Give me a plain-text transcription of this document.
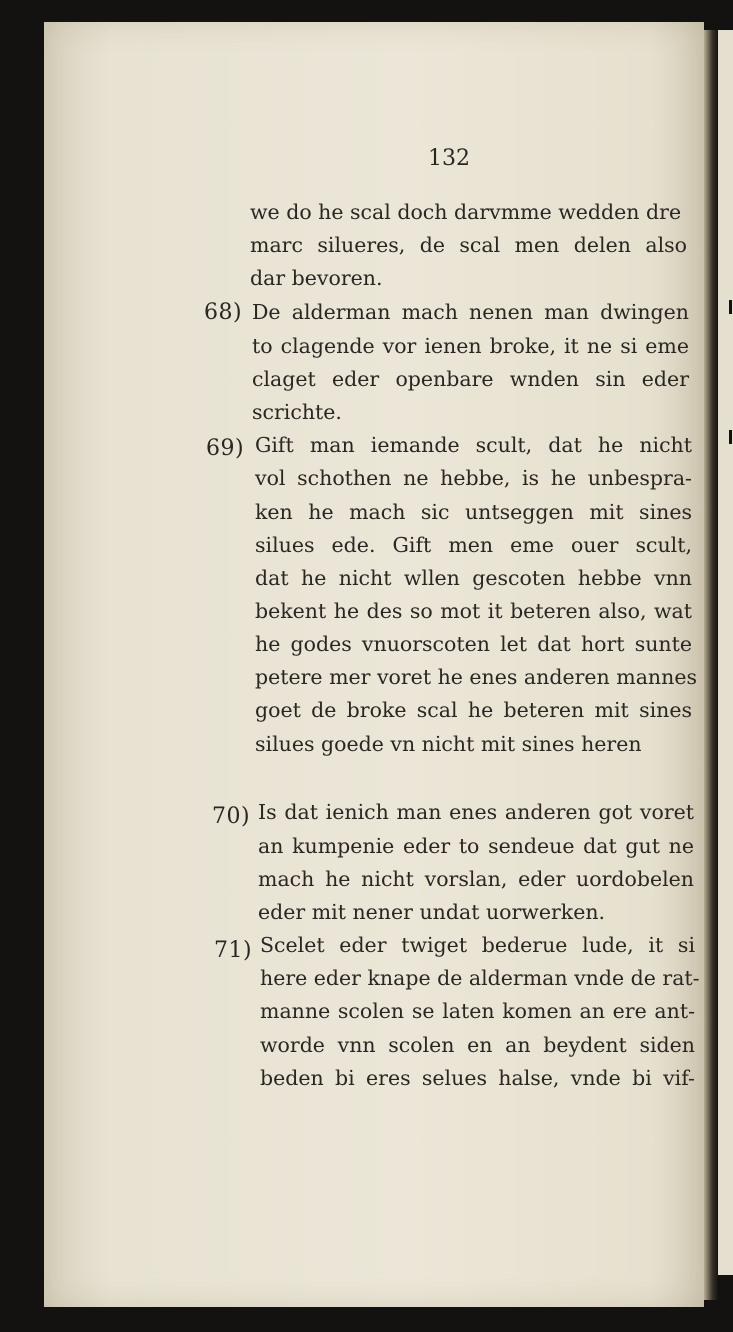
132
we do he scal doch darvmme wedden dre
marc silueres, de scal men delen also
dar bevoren.
68) De alderman mach nenen man dwingen
to clagende vor ienen broke, it ne si eme
claget eder openbare wnden sin eder
scrichte.
69) Gift man iemande scult, dat he nicht
vol schothen ne hebbe, is he unbespra-
ken he mach sic untseggen mit sines
silues ede. Gift men eme ouer scult,
dat he nicht wllen gescoten hebbe vnn
bekent he des so mot it beteren also, wat
he godes vnuorscoten let dat hort sunte
petere mer voret he enes anderen mannes
goet de broke scal he beteren mit sines
silues goede vn nicht mit sines heren
70) Is dat ienich man enes anderen got voret
an kumpenie eder to sendeue dat gut ne
mach he nicht vorslan, eder uordobelen
eder mit nener undat uorwerken.
71) Scelet eder twiget bederue lude, it si
here eder knape de alderman vnde de rat-
manne scolen se laten komen an ere ant-
worde vnn scolen en an beydent siden
beden bi eres selues halse, vnde bi vif-
